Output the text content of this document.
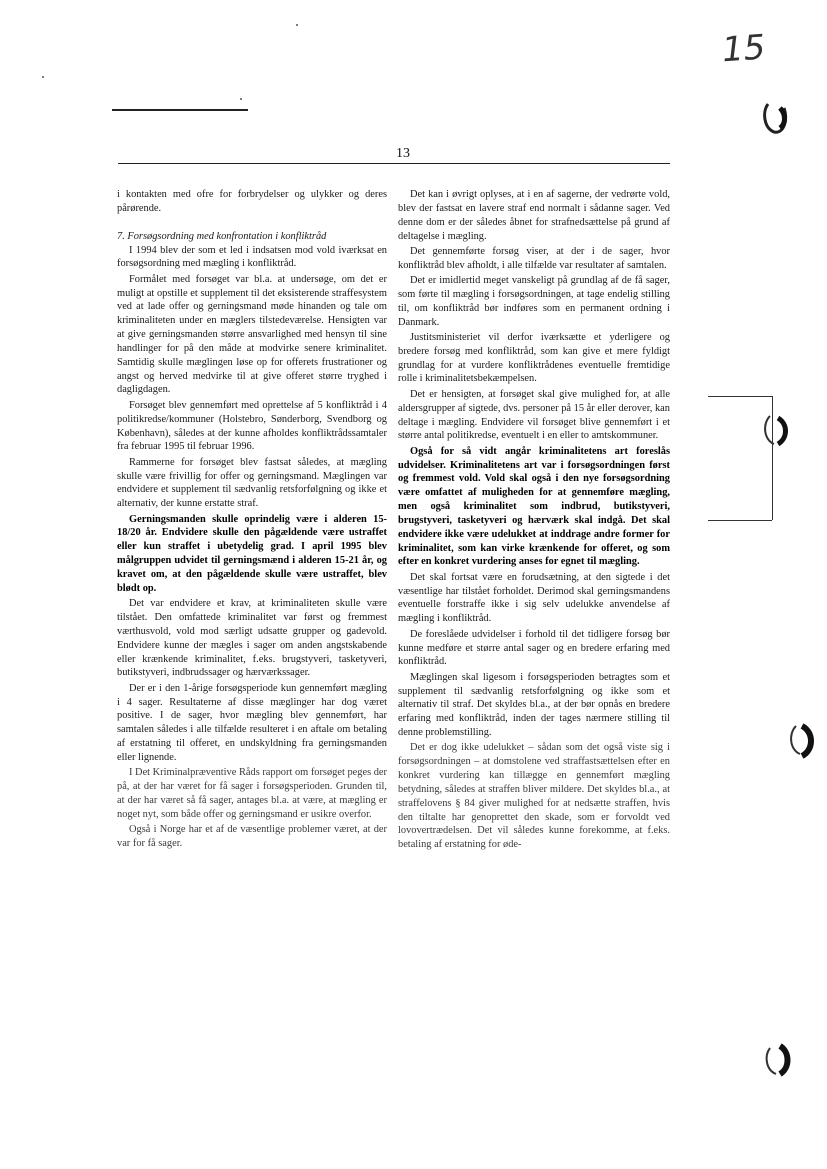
15
13

i kontakten med ofre for forbrydelser og ulykker og deres pårørende.

7. Forsøgsordning med konfrontation i konfliktråd

I 1994 blev der som et led i indsatsen mod vold iværksat en forsøgsordning med mægling i konfliktråd.

Formålet med forsøget var bl.a. at undersøge, om det er muligt at opstille et supplement til det eksisterende straffesystem ved at lade offer og gerningsmand møde hinanden og tale om kriminaliteten under en mæglers tilstedeværelse. Hensigten var at give gerningsmanden større ansvarlighed med hensyn til sine handlinger for på den måde at modvirke senere kriminalitet. Samtidig skulle mæglingen løse op for offerets frustrationer og angst og herved medvirke til at give offeret større tryghed i dagligdagen.

Forsøget blev gennemført med oprettelse af 5 konfliktråd i 4 politikredse/kommuner (Holstebro, Sønderborg, Svendborg og København), således at der kunne afholdes konfliktrådssamtaler fra februar 1995 til februar 1996.

Rammerne for forsøget blev fastsat således, at mægling skulle være frivillig for offer og gerningsmand. Mæglingen var endvidere et supplement til sædvanlig retsforfølgning og ikke et alternativ, der kunne erstatte straf.

Gerningsmanden skulle oprindelig være i alderen 15-18/20 år. Endvidere skulle den pågældende være ustraffet eller kun straffet i ubetydelig grad. I april 1995 blev målgruppen udvidet til gerningsmænd i alderen 15-21 år, og kravet om, at den pågældende skulle være ustraffet, blev blødt op.

Det var endvidere et krav, at kriminaliteten skulle være tilstået. Den omfattede kriminalitet var først og fremmest værthusvold, vold mod særligt udsatte grupper og gadevold. Endvidere kunne der mægles i sager om anden angstskabende eller krænkende kriminalitet, f.eks. brugstyveri, tasketyveri, butikstyveri, indbrudssager og hærværkssager.

Der er i den 1-årige forsøgsperiode kun gennemført mægling i 4 sager. Resultaterne af disse mæglinger har dog været positive. I de sager, hvor mægling blev gennemført, har samtalen således i alle tilfælde resulteret i en aftale om betaling af erstatning til offeret, en undskyldning fra gerningsmanden eller lignende.

I Det Kriminalpræventive Råds rapport om forsøget peges der på, at der har været for få sager i forsøgsperioden. Grunden til, at der har været så få sager, antages bl.a. at være, at mægling er noget nyt, som både offer og gerningsmand er usikre overfor.

Også i Norge har et af de væsentlige problemer været, at der var for få sager.

Det kan i øvrigt oplyses, at i en af sagerne, der vedrørte vold, blev der fastsat en lavere straf end normalt i sådanne sager. Ved denne dom er der således åbnet for strafnedsættelse på grund af deltagelse i mægling.

Det gennemførte forsøg viser, at der i de sager, hvor konfliktråd blev afholdt, i alle tilfælde var resultater af samtalen.

Det er imidlertid meget vanskeligt på grundlag af de få sager, som førte til mægling i forsøgsordningen, at tage endelig stilling til, om konfliktråd bør indføres som en permanent ordning i Danmark.

Justitsministeriet vil derfor iværksætte et yderligere og bredere forsøg med konfliktråd, som kan give et mere fyldigt grundlag for at vurdere konfliktrådenes eventuelle fremtidige rolle i kriminalitetsbekæmpelsen.

Det er hensigten, at forsøget skal give mulighed for, at alle aldersgrupper af sigtede, dvs. personer på 15 år eller derover, kan deltage i mægling. Endvidere vil forsøget blive gennemført i et større antal politikredse, eventuelt i en eller to amtskommuner.

Også for så vidt angår kriminalitetens art foreslås udvidelser. Kriminalitetens art var i forsøgsordningen først og fremmest vold. Vold skal også i den nye forsøgsordning være omfattet af muligheden for at gennemføre mægling, men også kriminalitet som indbrud, butikstyveri, brugstyveri, tasketyveri og hærværk skal indgå. Det skal endvidere ikke være udelukket at inddrage andre former for kriminalitet, som kan virke krænkende for offeret, og som efter en konkret vurdering anses for egnet til mægling.

Det skal fortsat være en forudsætning, at den sigtede i det væsentlige har tilstået forholdet. Derimod skal gerningsmandens eventuelle forstraffe ikke i sig selv udelukke anvendelse af mægling i konfliktråd.

De foreslåede udvidelser i forhold til det tidligere forsøg bør kunne medføre et større antal sager og en bredere erfaring med konfliktråd.

Mæglingen skal ligesom i forsøgsperioden betragtes som et supplement til sædvanlig retsforfølgning og ikke som et alternativ til straf. Det skyldes bl.a., at der bør opnås en bredere erfaring med konfliktråd, inden der tages nærmere stilling til denne problemstilling.

Det er dog ikke udelukket – sådan som det også viste sig i forsøgsordningen – at domstolene ved straffastsættelsen efter en konkret vurdering kan tillægge en gennemført mægling betydning, således at straffen bliver mildere. Det skyldes bl.a., at straffelovens § 84 giver mulighed for at nedsætte straffen, hvis den tiltalte har genoprettet den skade, som er forvoldt ved lovovertrædelsen. Det vil således kunne forekomme, at f.eks. betaling af erstatning for øde-
